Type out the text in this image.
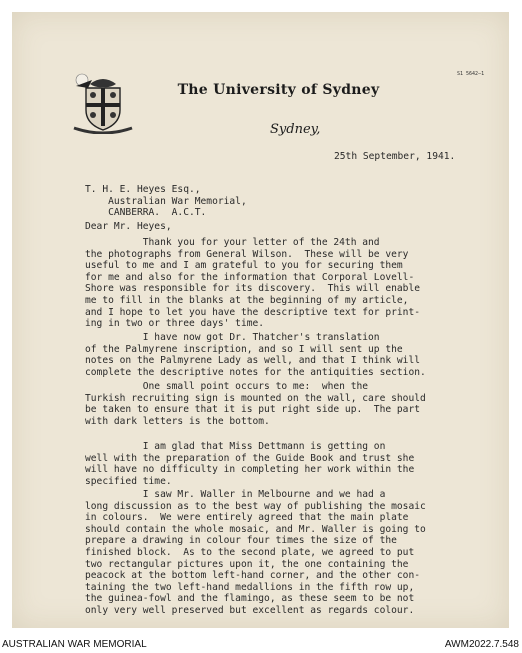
S1 5642—1
The University of Sydney
Sydney,
25th September, 1941.
T. H. E. Heyes Esq.,
Australian War Memorial,
CANBERRA.  A.C.T.
Dear Mr. Heyes,
Thank you for your letter of the 24th and
the photographs from General Wilson.  These will be very
useful to me and I am grateful to you for securing them
for me and also for the information that Corporal Lovell-
Shore was responsible for its discovery.  This will enable
me to fill in the blanks at the beginning of my article,
and I hope to let you have the descriptive text for print-
ing in two or three days' time.
I have now got Dr. Thatcher's translation
of the Palmyrene inscription, and so I will sent up the
notes on the Palmyrene Lady as well, and that I think will
complete the descriptive notes for the antiquities section.
One small point occurs to me:  when the
Turkish recruiting sign is mounted on the wall, care should
be taken to ensure that it is put right side up.  The part
with dark letters is the bottom.
I am glad that Miss Dettmann is getting on
well with the preparation of the Guide Book and trust she
will have no difficulty in completing her work within the
specified time.
I saw Mr. Waller in Melbourne and we had a
long discussion as to the best way of publishing the mosaic
in colours.  We were entirely agreed that the main plate
should contain the whole mosaic, and Mr. Waller is going to
prepare a drawing in colour four times the size of the
finished block.  As to the second plate, we agreed to put
two rectangular pictures upon it, the one containing the
peacock at the bottom left-hand corner, and the other con-
taining the two left-hand medallions in the fifth row up,
the guinea-fowl and the flamingo, as these seem to be not
only very well preserved but excellent as regards colour.
AUSTRALIAN WAR MEMORIAL	AWM2022.7.548
